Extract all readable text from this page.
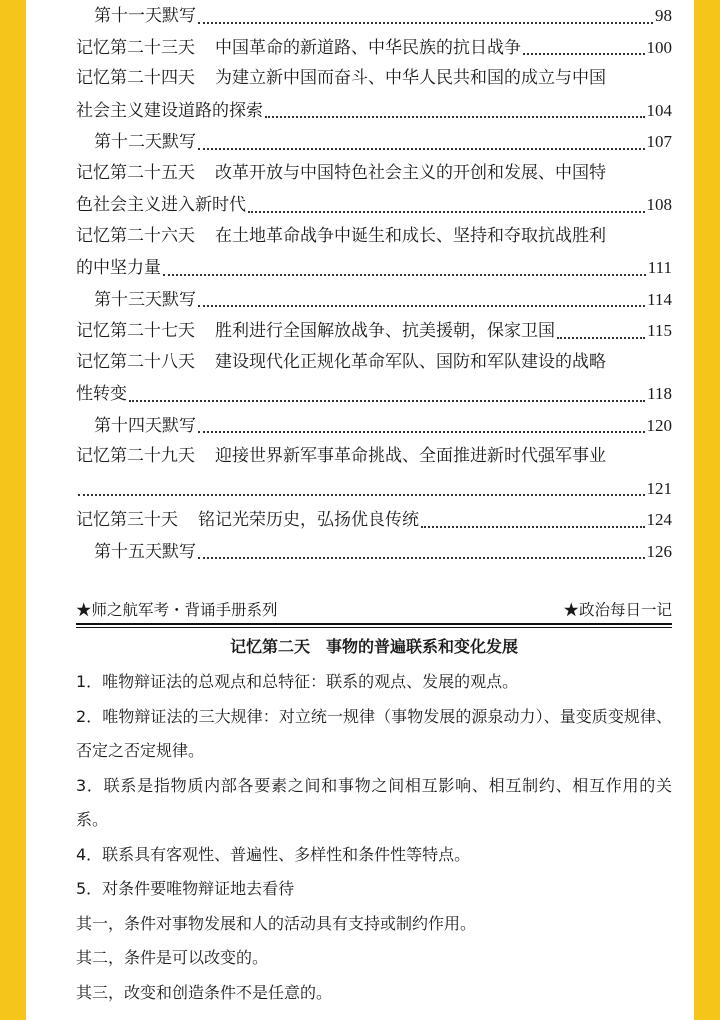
第十一天默写	98
记忆第二十三天 中国革命的新道路、中华民族的抗日战争	100
记忆第二十四天 为建立新中国而奋斗、中华人民共和国的成立与中国
社会主义建设道路的探索	104
第十二天默写	107
记忆第二十五天 改革开放与中国特色社会主义的开创和发展、中国特
色社会主义进入新时代	108
记忆第二十六天 在土地革命战争中诞生和成长、坚持和夺取抗战胜利
的中坚力量	111
第十三天默写	114
记忆第二十七天 胜利进行全国解放战争、抗美援朝，保家卫国	115
记忆第二十八天 建设现代化正规化革命军队、国防和军队建设的战略
性转变	118
第十四天默写	120
记忆第二十九天 迎接世界新军事革命挑战、全面推进新时代强军事业
121
记忆第三十天 铭记光荣历史，弘扬优良传统	124
第十五天默写	126
★师之航军考・背诵手册系列	★政治每日一记
记忆第二天　事物的普遍联系和变化发展
1．唯物辩证法的总观点和总特征：联系的观点、发展的观点。
2．唯物辩证法的三大规律：对立统一规律（事物发展的源泉动力）、量变质变规律、否定之否定规律。
3．联系是指物质内部各要素之间和事物之间相互影响、相互制约、相互作用的关系。
4．联系具有客观性、普遍性、多样性和条件性等特点。
5．对条件要唯物辩证地去看待
其一，条件对事物发展和人的活动具有支持或制约作用。
其二，条件是可以改变的。
其三，改变和创造条件不是任意的。
